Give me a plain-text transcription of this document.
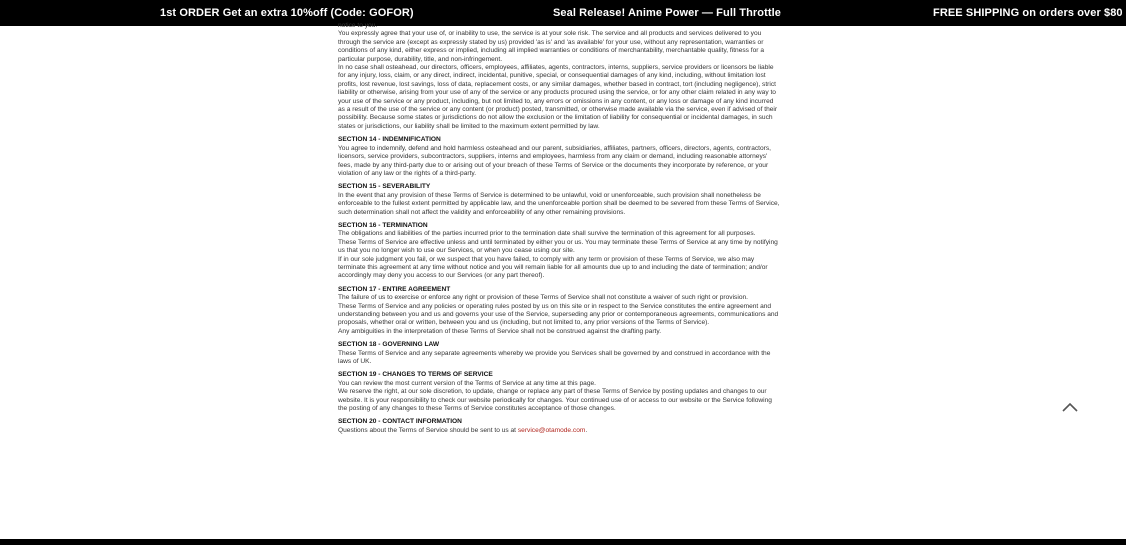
1st ORDER Get an extra 10%off (Code: GOFOR)	Seal Release! Anime Power — Full Throttle	FREE SHIPPING on orders over $80

notice to you.

You expressly agree that your use of, or inability to use, the service is at your sole risk. The service and all products and services delivered to you through the service are (except as expressly stated by us) provided 'as is' and 'as available' for your use, without any representation, warranties or conditions of any kind, either express or implied, including all implied warranties or conditions of merchantability, merchantable quality, fitness for a particular purpose, durability, title, and non-infringement.

In no case shall osteahead, our directors, officers, employees, affiliates, agents, contractors, interns, suppliers, service providers or licensors be liable for any injury, loss, claim, or any direct, indirect, incidental, punitive, special, or consequential damages of any kind, including, without limitation lost profits, lost revenue, lost savings, loss of data, replacement costs, or any similar damages, whether based in contract, tort (including negligence), strict liability or otherwise, arising from your use of any of the service or any products procured using the service, or for any other claim related in any way to your use of the service or any product, including, but not limited to, any errors or omissions in any content, or any loss or damage of any kind incurred as a result of the use of the service or any content (or product) posted, transmitted, or otherwise made available via the service, even if advised of their possibility. Because some states or jurisdictions do not allow the exclusion or the limitation of liability for consequential or incidental damages, in such states or jurisdictions, our liability shall be limited to the maximum extent permitted by law.

SECTION 14 - INDEMNIFICATION

You agree to indemnify, defend and hold harmless osteahead and our parent, subsidiaries, affiliates, partners, officers, directors, agents, contractors, licensors, service providers, subcontractors, suppliers, interns and employees, harmless from any claim or demand, including reasonable attorneys' fees, made by any third-party due to or arising out of your breach of these Terms of Service or the documents they incorporate by reference, or your violation of any law or the rights of a third-party.

SECTION 15 - SEVERABILITY

In the event that any provision of these Terms of Service is determined to be unlawful, void or unenforceable, such provision shall nonetheless be enforceable to the fullest extent permitted by applicable law, and the unenforceable portion shall be deemed to be severed from these Terms of Service, such determination shall not affect the validity and enforceability of any other remaining provisions.

SECTION 16 - TERMINATION

The obligations and liabilities of the parties incurred prior to the termination date shall survive the termination of this agreement for all purposes.

These Terms of Service are effective unless and until terminated by either you or us. You may terminate these Terms of Service at any time by notifying us that you no longer wish to use our Services, or when you cease using our site.

If in our sole judgment you fail, or we suspect that you have failed, to comply with any term or provision of these Terms of Service, we also may terminate this agreement at any time without notice and you will remain liable for all amounts due up to and including the date of termination; and/or accordingly may deny you access to our Services (or any part thereof).

SECTION 17 - ENTIRE AGREEMENT

The failure of us to exercise or enforce any right or provision of these Terms of Service shall not constitute a waiver of such right or provision.

These Terms of Service and any policies or operating rules posted by us on this site or in respect to the Service constitutes the entire agreement and understanding between you and us and governs your use of the Service, superseding any prior or contemporaneous agreements, communications and proposals, whether oral or written, between you and us (including, but not limited to, any prior versions of the Terms of Service).

Any ambiguities in the interpretation of these Terms of Service shall not be construed against the drafting party.

SECTION 18 - GOVERNING LAW

These Terms of Service and any separate agreements whereby we provide you Services shall be governed by and construed in accordance with the laws of UK.

SECTION 19 - CHANGES TO TERMS OF SERVICE

You can review the most current version of the Terms of Service at any time at this page.

We reserve the right, at our sole discretion, to update, change or replace any part of these Terms of Service by posting updates and changes to our website. It is your responsibility to check our website periodically for changes. Your continued use of or access to our website or the Service following the posting of any changes to these Terms of Service constitutes acceptance of those changes.

SECTION 20 - CONTACT INFORMATION

Questions about the Terms of Service should be sent to us at service@otamode.com.
